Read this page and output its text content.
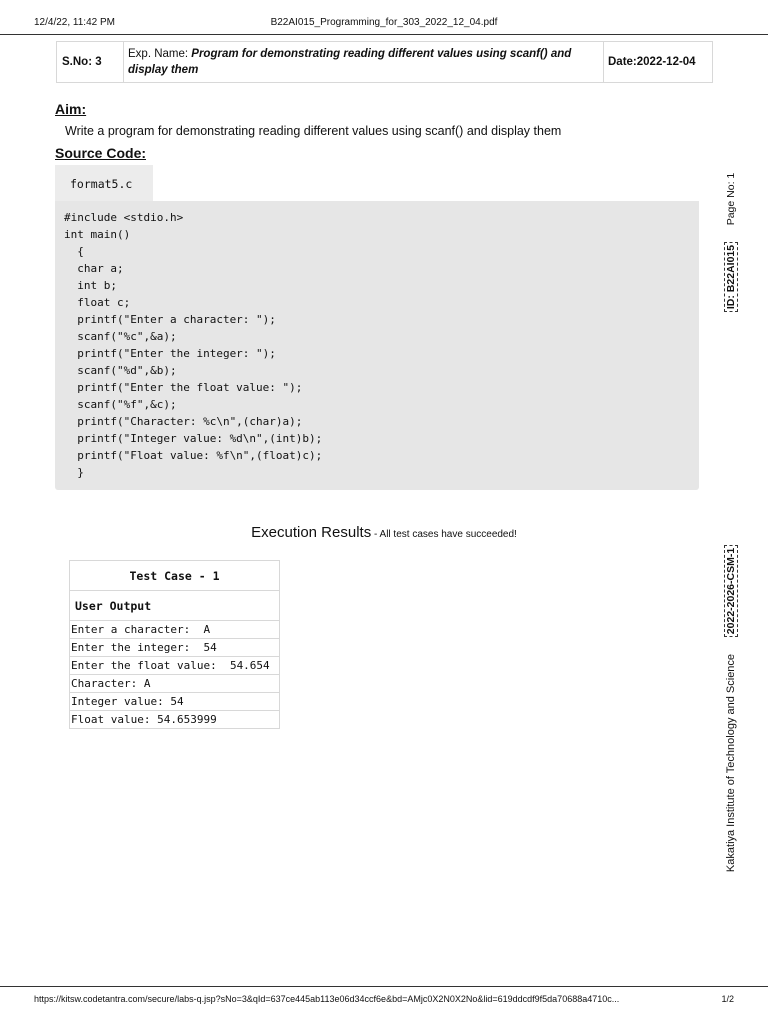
12/4/22, 11:42 PM	B22AI015_Programming_for_303_2022_12_04.pdf
S.No: 3
Exp. Name: Program for demonstrating reading different values using scanf() and display them
Date:2022-12-04
Aim:
Write a program for demonstrating reading different values using scanf() and display them
Source Code:
format5.c
#include <stdio.h>
int main()
{
char a;
int b;
float c;
printf("Enter a character: ");
scanf("%c",&a);
printf("Enter the integer: ");
scanf("%d",&b);
printf("Enter the float value: ");
scanf("%f",&c);
printf("Character: %c\n",(char)a);
printf("Integer value: %d\n",(int)b);
printf("Float value: %f\n",(float)c);
}
Execution Results - All test cases have succeeded!
Test Case - 1
User Output
Enter a character:  A
Enter the integer:  54
Enter the float value:  54.654
Character: A
Integer value: 54
Float value: 54.653999
Page No: 1
ID: B22AI015
2022-2026-CSM-1
Kakatiya Institute of Technology and Science
https://kitsw.codetantra.com/secure/labs-q.jsp?sNo=3&qId=637ce445ab113e06d34ccf6e&bd=AMjc0X2N0X2No&lid=619ddcdf9f5da70688a4710c...	1/2
